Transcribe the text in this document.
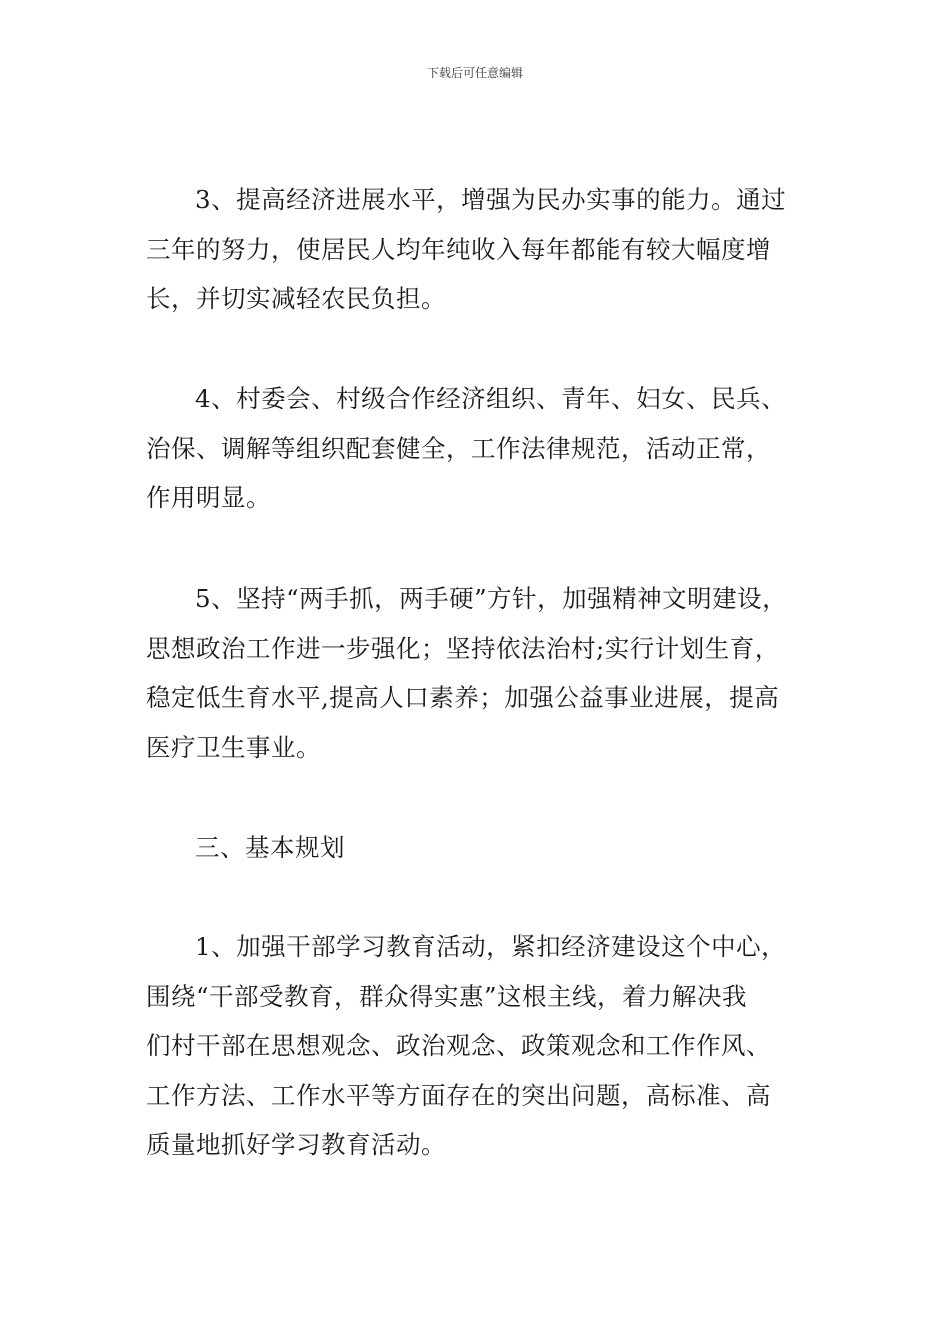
下载后可任意编辑

3、提高经济进展水平，增强为民办实事的能力。通过
三年的努力，使居民人均年纯收入每年都能有较大幅度增
长，并切实减轻农民负担。

4、村委会、村级合作经济组织、青年、妇女、民兵、
治保、调解等组织配套健全，工作法律规范，活动正常，
作用明显。

5、坚持“两手抓，两手硬”方针，加强精神文明建设，
思想政治工作进一步强化；坚持依法治村;实行计划生育，
稳定低生育水平,提高人口素养；加强公益事业进展，提高
医疗卫生事业。

三、基本规划

1、加强干部学习教育活动，紧扣经济建设这个中心，
围绕“干部受教育，群众得实惠”这根主线，着力解决我
们村干部在思想观念、政治观念、政策观念和工作作风、
工作方法、工作水平等方面存在的突出问题，高标准、高
质量地抓好学习教育活动。
